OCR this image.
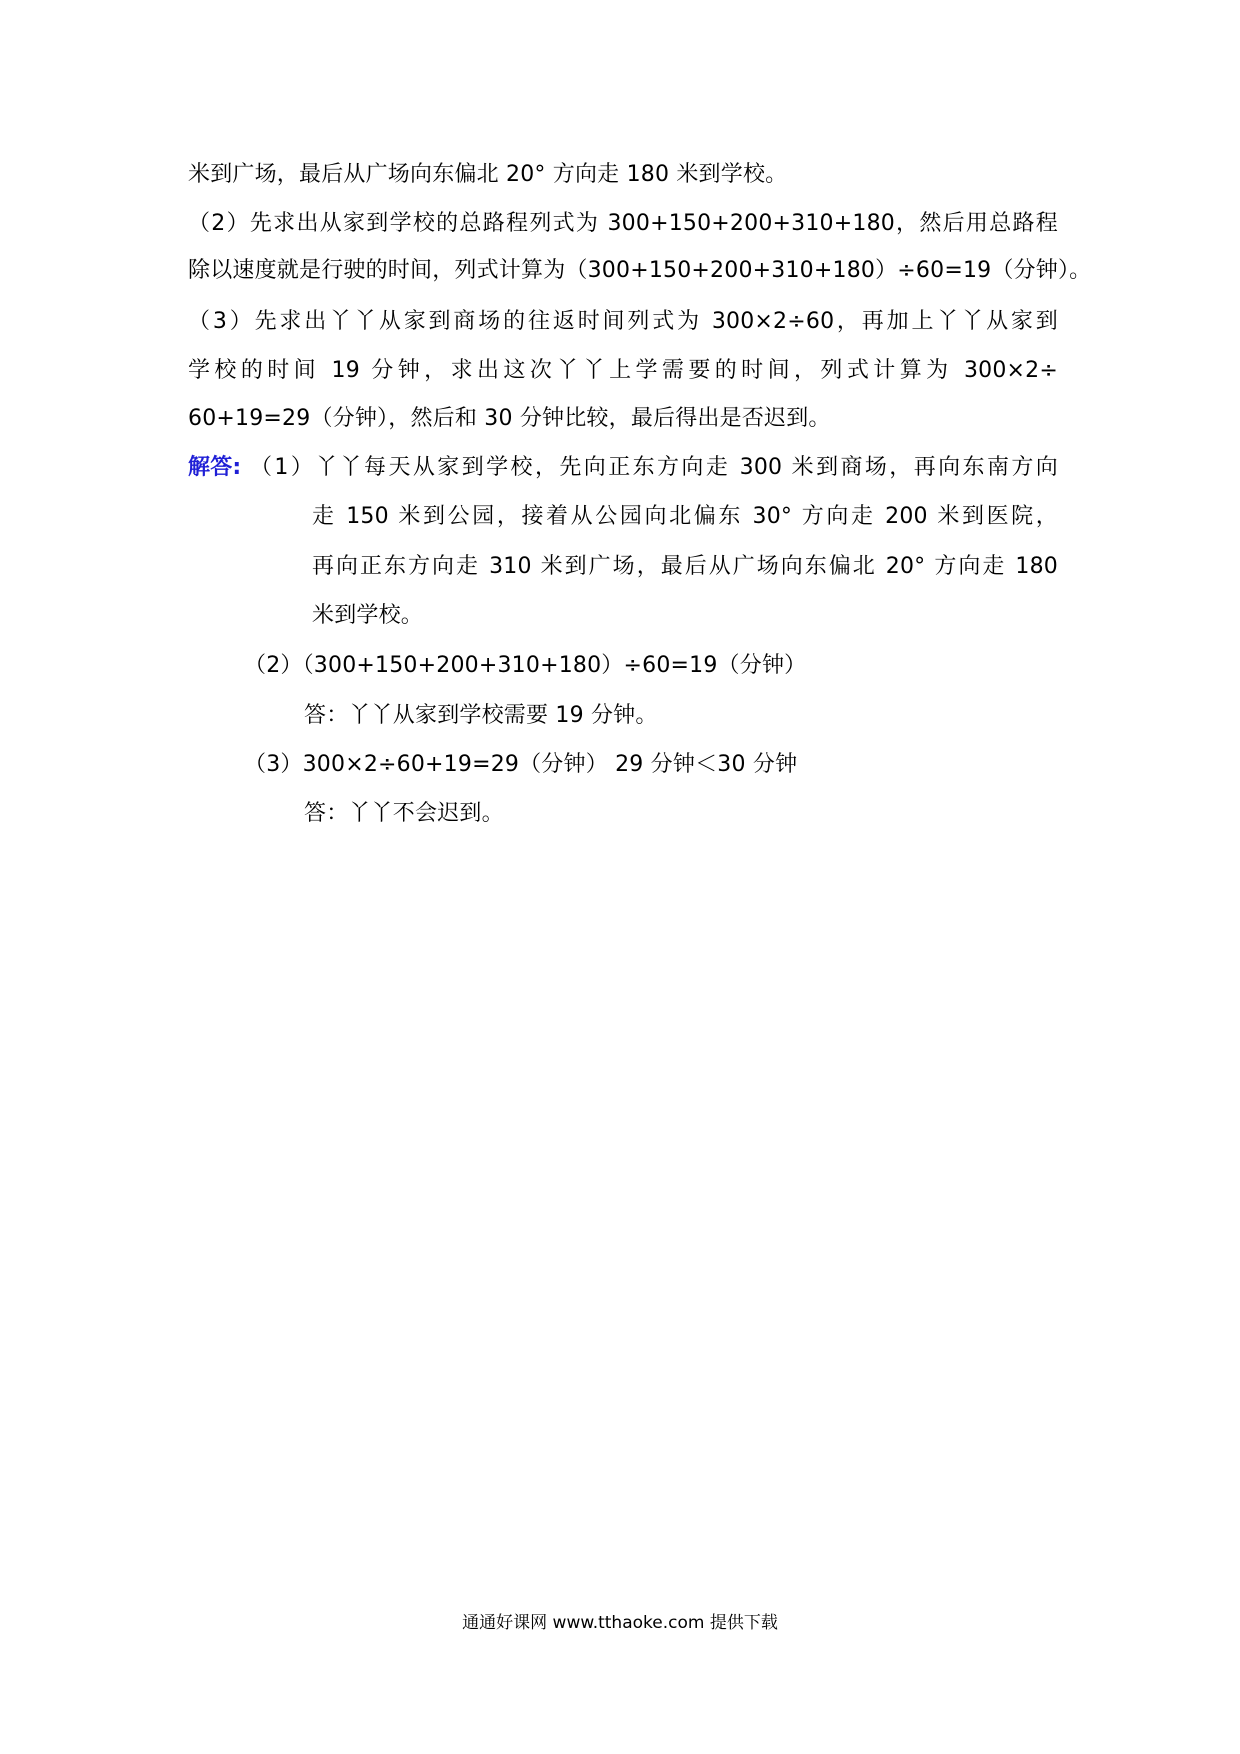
米到广场，最后从广场向东偏北 20° 方向走 180 米到学校。
（2）先求出从家到学校的总路程列式为 300+150+200+310+180，然后用总路程
除以速度就是行驶的时间，列式计算为（300+150+200+310+180）÷60=19（分钟）。
（3）先求出丫丫从家到商场的往返时间列式为 300×2÷60，再加上丫丫从家到
学校的时间 19 分钟，求出这次丫丫上学需要的时间，列式计算为 300×2÷
60+19=29（分钟），然后和 30 分钟比较，最后得出是否迟到。
解答: （1）丫丫每天从家到学校，先向正东方向走 300 米到商场，再向东南方向
走 150 米到公园，接着从公园向北偏东 30° 方向走 200 米到医院，
再向正东方向走 310 米到广场，最后从广场向东偏北 20° 方向走 180
米到学校。
（2）（300+150+200+310+180）÷60=19（分钟）
答：丫丫从家到学校需要 19 分钟。
（3）300×2÷60+19=29（分钟） 29 分钟＜30 分钟
答：丫丫不会迟到。
通通好课网 www.tthaoke.com 提供下载
